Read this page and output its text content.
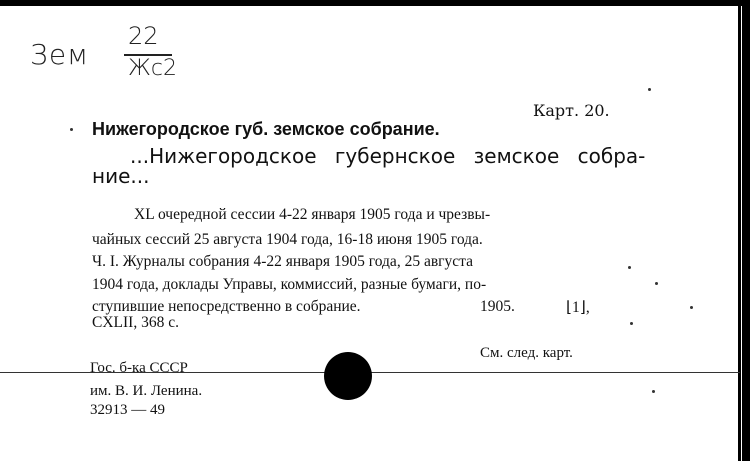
Зем
22
Жс2
Карт. 20.
Нижегородское губ. земское собрание.
...Нижегородское губернское земское собра-
ние...
XL очередной сессии 4-22 января 1905 года и чрезвы-
чайных сессий 25 августа 1904 года, 16-18 июня 1905 года.
Ч. I. Журналы собрания 4-22 января 1905 года, 25 августа
1904 года, доклады Управы, коммиссий, разные бумаги, по-
ступившие непосредственно в собрание.
CXLII, 368 с.
1905.	⌊1⌋,
См. след. карт.
Гос. б-ка СССР
им. В. И. Ленина.
32913 — 49
